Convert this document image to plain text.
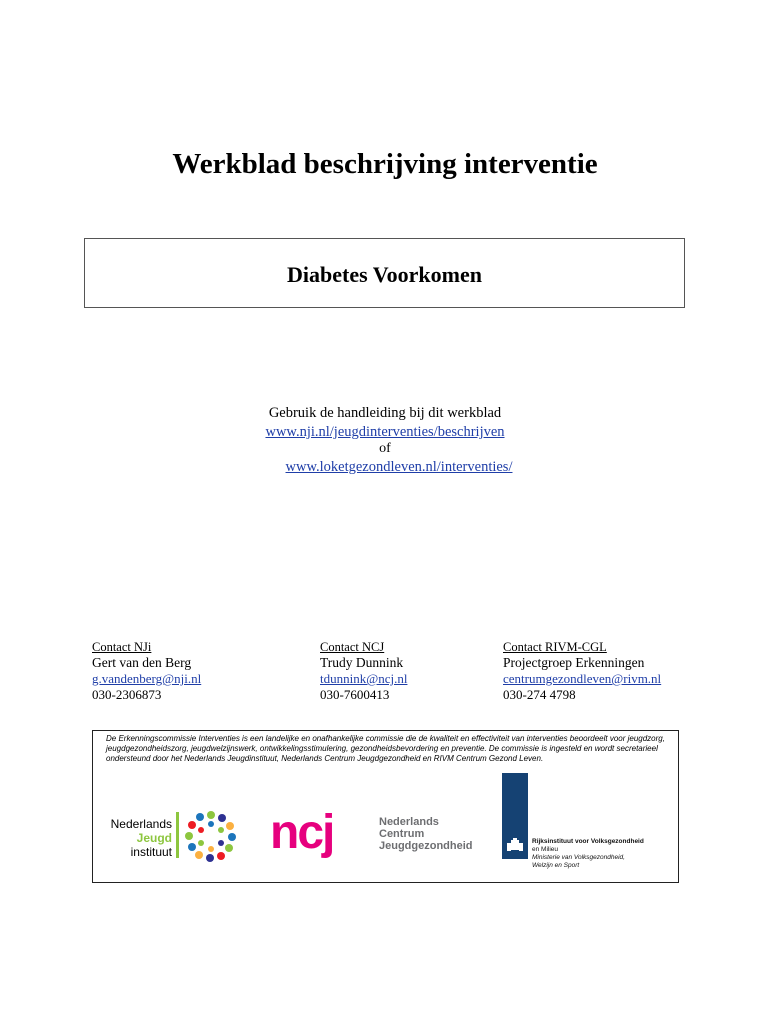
Werkblad beschrijving interventie
Diabetes Voorkomen
Gebruik de handleiding bij dit werkblad
www.nji.nl/jeugdinterventies/beschrijven
of
www.loketgezondleven.nl/interventies/
Contact NJi
Gert van den Berg
g.vandenberg@nji.nl
030-2306873
Contact NCJ
Trudy Dunnink
tdunnink@ncj.nl
030-7600413
Contact RIVM-CGL
Projectgroep Erkenningen
centrumgezondleven@rivm.nl
030-274 4798
De Erkenningscommissie Interventies is een landelijke en onafhankelijke commissie die de kwaliteit en effectiviteit van interventies beoordeelt voor jeugdzorg, jeugdgezondheidszorg, jeugdwelzijnswerk, ontwikkelingsstimulering, gezondheidsbevordering en preventie. De commissie is ingesteld en wordt secretarieel ondersteund door het Nederlands Jeugdinstituut, Nederlands Centrum Jeugdgezondheid en RIVM Centrum Gezond Leven.
Nederlands
Jeugd
instituut ncj	Nederlands
Centrum
Jeugdgezondheid	Rijksinstituut voor Volksgezondheid
en Milieu
Ministerie van Volksgezondheid,
Welzijn en Sport
